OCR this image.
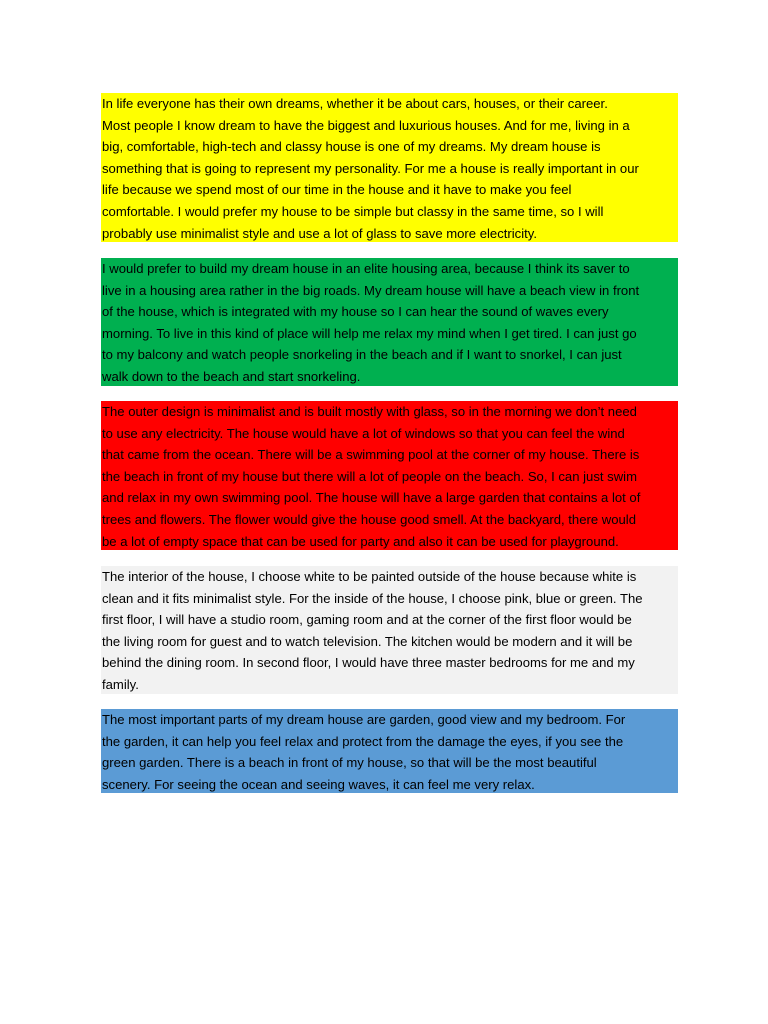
In life everyone has their own dreams, whether it be about cars, houses, or their career.
Most people I know dream to have the biggest and luxurious houses. And for me, living in a
big, comfortable, high-tech and classy house is one of my dreams. My dream house is
something that is going to represent my personality. For me a house is really important in our
life because we spend most of our time in the house and it have to make you feel
comfortable. I would prefer my house to be simple but classy in the same time, so I will
probably use minimalist style and use a lot of glass to save more electricity.
I would prefer to build my dream house in an elite housing area, because I think its saver to
live in a housing area rather in the big roads. My dream house will have a beach view in front
of the house, which is integrated with my house so I can hear the sound of waves every
morning. To live in this kind of place will help me relax my mind when I get tired. I can just go
to my balcony and watch people snorkeling in the beach and if I want to snorkel, I can just
walk down to the beach and start snorkeling.
The outer design is minimalist and is built mostly with glass, so in the morning we don’t need
to use any electricity. The house would have a lot of windows so that you can feel the wind
that came from the ocean. There will be a swimming pool at the corner of my house. There is
the beach in front of my house but there will a lot of people on the beach. So, I can just swim
and relax in my own swimming pool. The house will have a large garden that contains a lot of
trees and flowers. The flower would give the house good smell. At the backyard, there would
be a lot of empty space that can be used for party and also it can be used for playground.
The interior of the house, I choose white to be painted outside of the house because white is
clean and it fits minimalist style. For the inside of the house, I choose pink, blue or green. The
first floor, I will have a studio room, gaming room and at the corner of the first floor would be
the living room for guest and to watch television. The kitchen would be modern and it will be
behind the dining room. In second floor, I would have three master bedrooms for me and my
family.
The most important parts of my dream house are garden, good view and my bedroom. For
the garden, it can help you feel relax and protect from the damage the eyes, if you see the
green garden. There is a beach in front of my house, so that will be the most beautiful
scenery. For seeing the ocean and seeing waves, it can feel me very relax.
